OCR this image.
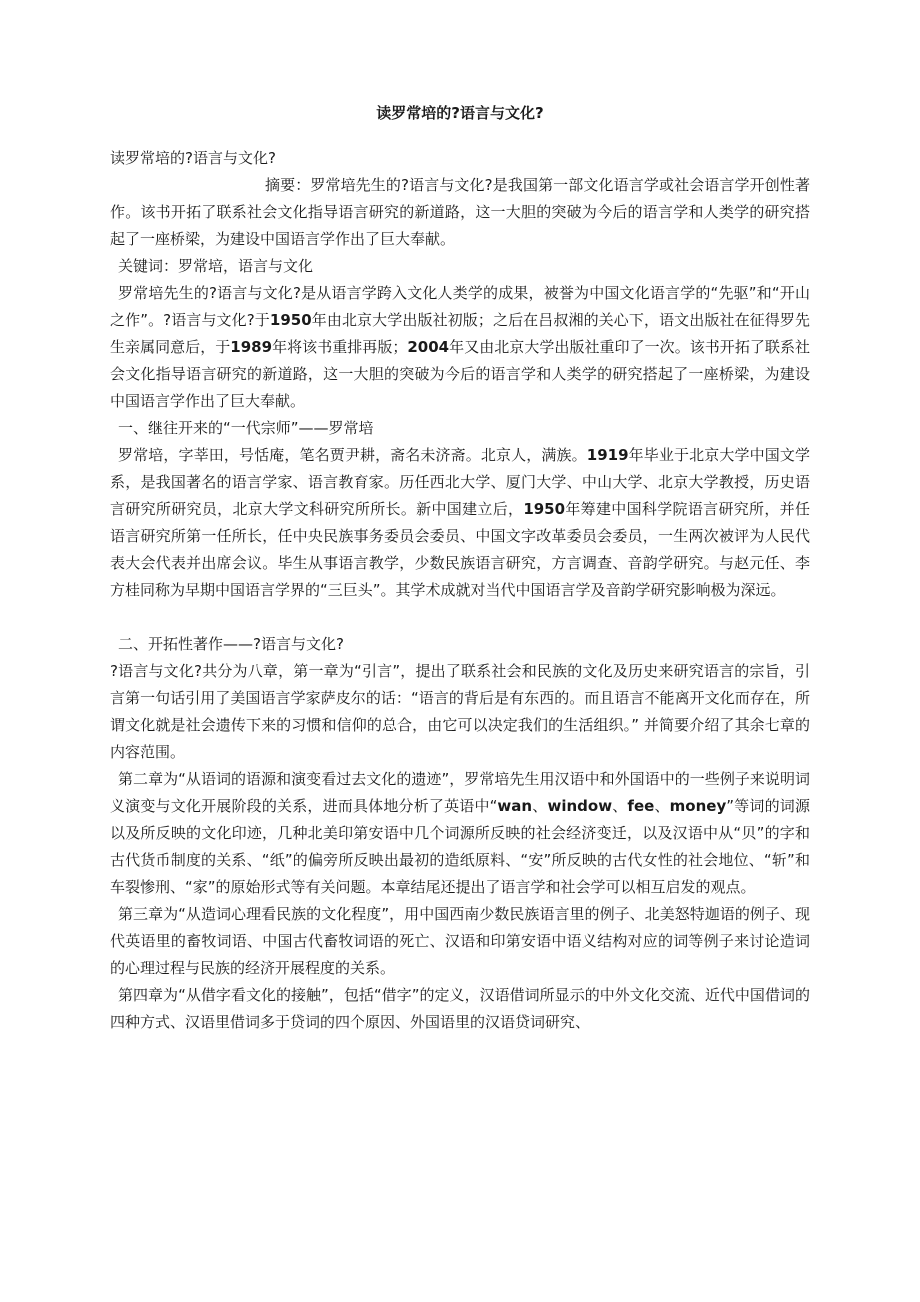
读罗常培的?语言与文化?

读罗常培的?语言与文化?

摘要：罗常培先生的?语言与文化?是我国第一部文化语言学或社会语言学开创性著作。该书开拓了联系社会文化指导语言研究的新道路，这一大胆的突破为今后的语言学和人类学的研究搭起了一座桥梁，为建设中国语言学作出了巨大奉献。

关键词：罗常培，语言与文化

罗常培先生的?语言与文化?是从语言学跨入文化人类学的成果，被誉为中国文化语言学的“先驱”和“开山之作”。?语言与文化?于1950年由北京大学出版社初版；之后在吕叔湘的关心下，语文出版社在征得罗先生亲属同意后，于1989年将该书重排再版；2004年又由北京大学出版社重印了一次。该书开拓了联系社会文化指导语言研究的新道路，这一大胆的突破为今后的语言学和人类学的研究搭起了一座桥梁，为建设中国语言学作出了巨大奉献。

一、继往开来的“一代宗师”——罗常培

罗常培，字莘田，号恬庵，笔名贾尹耕，斋名未济斋。北京人，满族。1919年毕业于北京大学中国文学系，是我国著名的语言学家、语言教育家。历任西北大学、厦门大学、中山大学、北京大学教授，历史语言研究所研究员，北京大学文科研究所所长。新中国建立后，1950年筹建中国科学院语言研究所，并任语言研究所第一任所长，任中央民族事务委员会委员、中国文字改革委员会委员，一生两次被评为人民代表大会代表并出席会议。毕生从事语言教学，少数民族语言研究，方言调查、音韵学研究。与赵元任、李方桂同称为早期中国语言学界的“三巨头”。其学术成就对当代中国语言学及音韵学研究影响极为深远。

二、开拓性著作——?语言与文化?

?语言与文化?共分为八章，第一章为“引言”，提出了联系社会和民族的文化及历史来研究语言的宗旨，引言第一句话引用了美国语言学家萨皮尔的话：“语言的背后是有东西的。而且语言不能离开文化而存在，所谓文化就是社会遗传下来的习惯和信仰的总合，由它可以决定我们的生活组织。” 并简要介绍了其余七章的内容范围。

第二章为“从语词的语源和演变看过去文化的遗迹”，罗常培先生用汉语中和外国语中的一些例子来说明词义演变与文化开展阶段的关系，进而具体地分析了英语中“wan、window、fee、money”等词的词源以及所反映的文化印迹，几种北美印第安语中几个词源所反映的社会经济变迁，以及汉语中从“贝”的字和古代货币制度的关系、“纸”的偏旁所反映出最初的造纸原料、“安”所反映的古代女性的社会地位、“斩”和车裂惨刑、“家”的原始形式等有关问题。本章结尾还提出了语言学和社会学可以相互启发的观点。

第三章为“从造词心理看民族的文化程度”，用中国西南少数民族语言里的例子、北美怒特迦语的例子、现代英语里的畜牧词语、中国古代畜牧词语的死亡、汉语和印第安语中语义结构对应的词等例子来讨论造词的心理过程与民族的经济开展程度的关系。

第四章为“从借字看文化的接触”，包括“借字”的定义，汉语借词所显示的中外文化交流、近代中国借词的四种方式、汉语里借词多于贷词的四个原因、外国语里的汉语贷词研究、
